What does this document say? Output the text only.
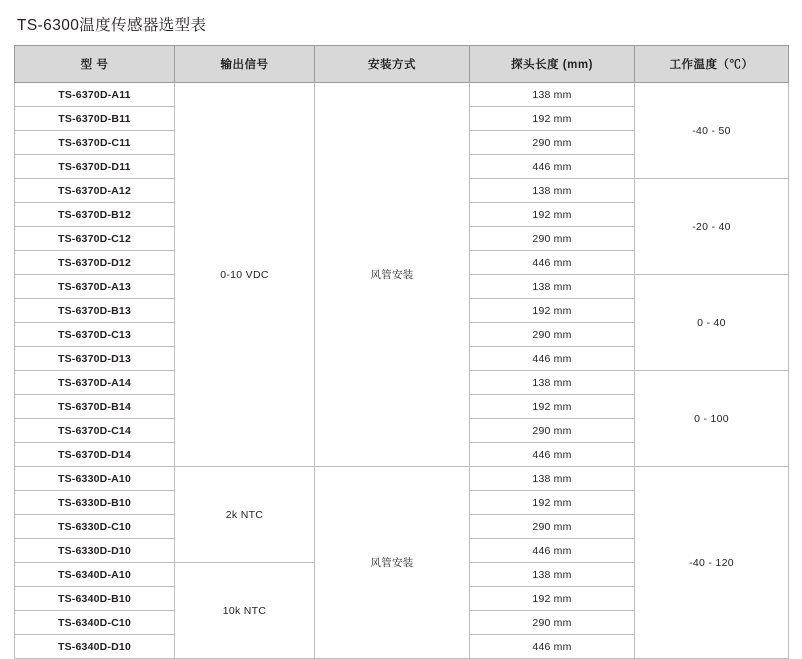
TS-6300温度传感器选型表
型 号	输出信号	安装方式	探头长度 (mm)	工作温度（℃）
TS-6370D-A11	0-10 VDC	风管安装	138 mm	-40 - 50
TS-6370D-B11			192 mm	
TS-6370D-C11			290 mm	
TS-6370D-D11			446 mm	
TS-6370D-A12			138 mm	-20 - 40
TS-6370D-B12			192 mm	
TS-6370D-C12			290 mm	
TS-6370D-D12			446 mm	
TS-6370D-A13			138 mm	0 - 40
TS-6370D-B13			192 mm	
TS-6370D-C13			290 mm	
TS-6370D-D13			446 mm	
TS-6370D-A14			138 mm	0 - 100
TS-6370D-B14			192 mm	
TS-6370D-C14			290 mm	
TS-6370D-D14			446 mm	
TS-6330D-A10	2k NTC	风管安装	138 mm	-40 - 120
TS-6330D-B10			192 mm	
TS-6330D-C10			290 mm	
TS-6330D-D10			446 mm	
TS-6340D-A10	10k NTC		138 mm	
TS-6340D-B10			192 mm	
TS-6340D-C10			290 mm	
TS-6340D-D10			446 mm	
